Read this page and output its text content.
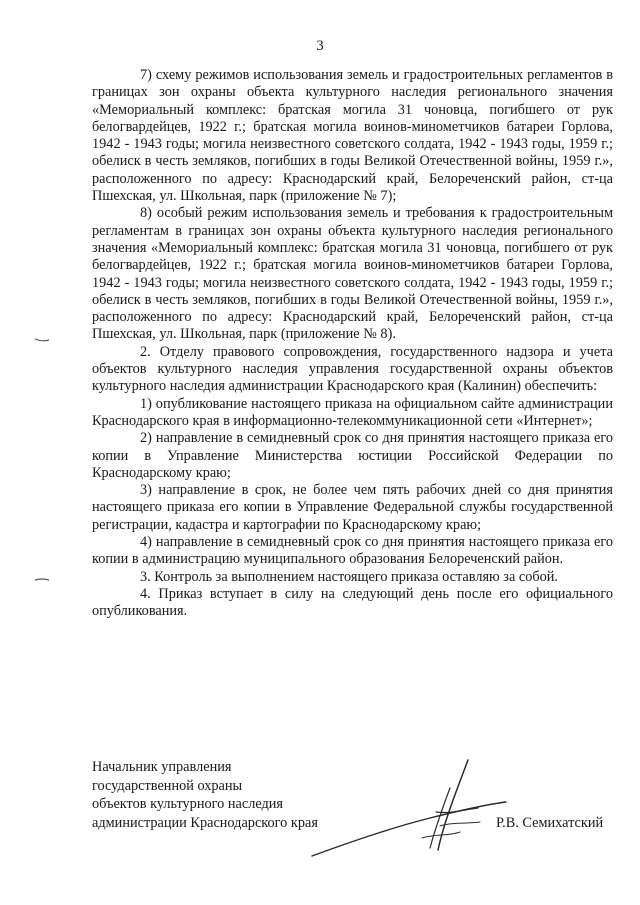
3

7) схему режимов использования земель и градостроительных регламентов в границах зон охраны объекта культурного наследия регионального значения «Мемориальный комплекс: братская могила 31 чоновца, погибшего от рук белогвардейцев, 1922 г.; братская могила воинов-минометчиков батареи Горлова, 1942 - 1943 годы; могила неизвестного советского солдата, 1942 - 1943 годы, 1959 г.; обелиск в честь земляков, погибших в годы Великой Отечественной войны, 1959 г.», расположенного по адресу: Краснодарский край, Белореченский район, ст-ца Пшехская, ул. Школьная, парк (приложение № 7);

8) особый режим использования земель и требования к градостроительным регламентам в границах зон охраны объекта культурного наследия регионального значения «Мемориальный комплекс: братская могила 31 чоновца, погибшего от рук белогвардейцев, 1922 г.; братская могила воинов-минометчиков батареи Горлова, 1942 - 1943 годы; могила неизвестного советского солдата, 1942 - 1943 годы, 1959 г.; обелиск в честь земляков, погибших в годы Великой Отечественной войны, 1959 г.», расположенного по адресу: Краснодарский край, Белореченский район, ст-ца Пшехская, ул. Школьная, парк (приложение № 8).

2. Отделу правового сопровождения, государственного надзора и учета объектов культурного наследия управления государственной охраны объектов культурного наследия администрации Краснодарского края (Калинин) обеспечить:

1) опубликование настоящего приказа на официальном сайте администрации Краснодарского края в информационно-телекоммуникационной сети «Интернет»;

2) направление в семидневный срок со дня принятия настоящего приказа его копии в Управление Министерства юстиции Российской Федерации по Краснодарскому краю;

3) направление в срок, не более чем пять рабочих дней со дня принятия настоящего приказа его копии в Управление Федеральной службы государственной регистрации, кадастра и картографии по Краснодарскому краю;

4) направление в семидневный срок со дня принятия настоящего приказа его копии в администрацию муниципального образования Белореченский район.

3. Контроль за выполнением настоящего приказа оставляю за собой.

4. Приказ вступает в силу на следующий день после его официального опубликования.

Начальник управления
государственной охраны
объектов культурного наследия
администрации Краснодарского края	Р.В. Семихатский
